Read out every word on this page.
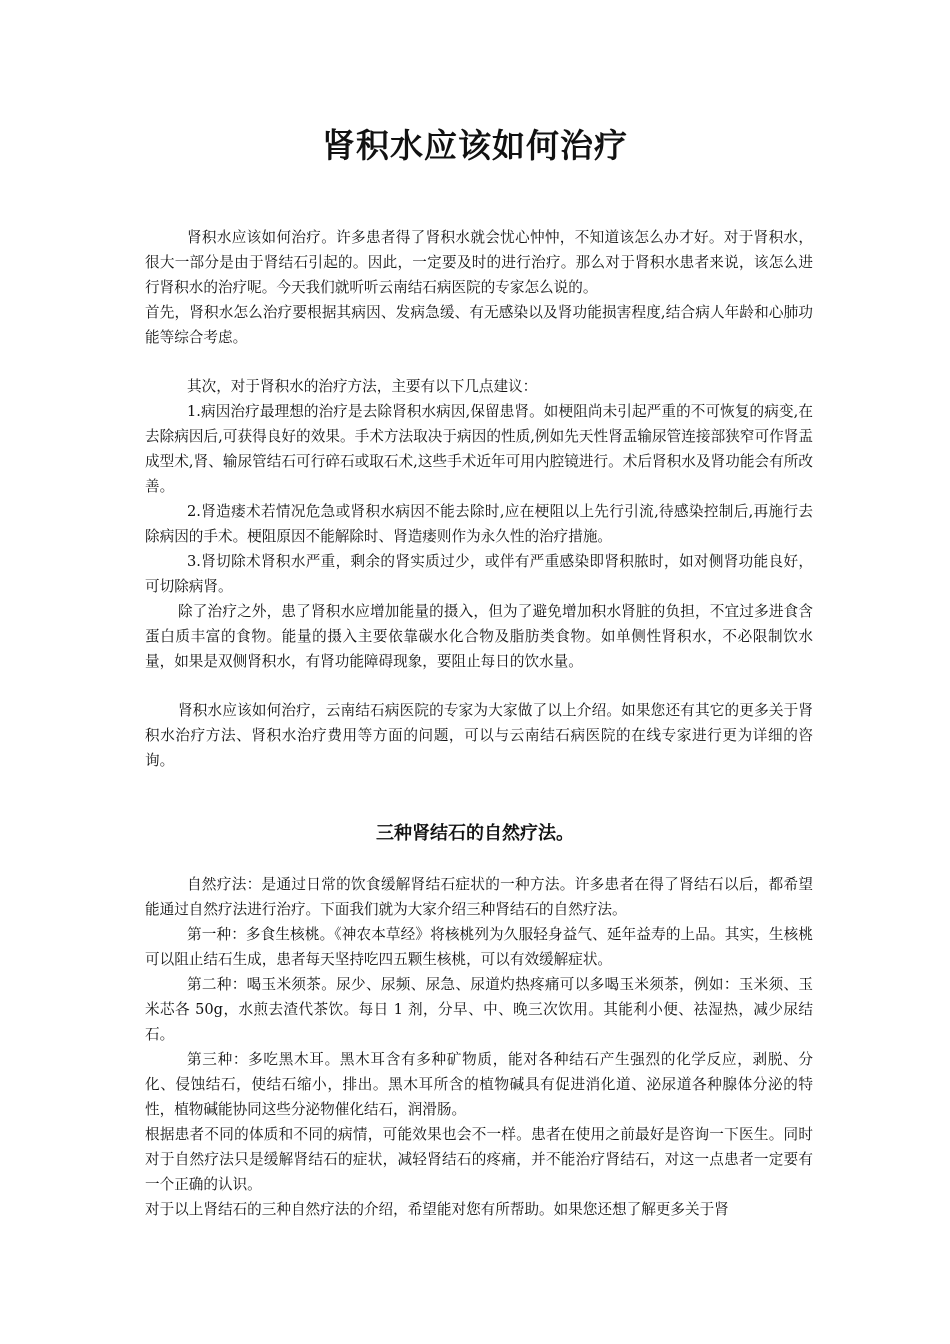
肾积水应该如何治疗

肾积水应该如何治疗。许多患者得了肾积水就会忧心忡忡，不知道该怎么办才好。对于肾积水，很大一部分是由于肾结石引起的。因此，一定要及时的进行治疗。那么对于肾积水患者来说，该怎么进行肾积水的治疗呢。今天我们就听听云南结石病医院的专家怎么说的。

首先，肾积水怎么治疗要根据其病因、发病急缓、有无感染以及肾功能损害程度,结合病人年龄和心肺功能等综合考虑。

其次，对于肾积水的治疗方法，主要有以下几点建议：

1.病因治疗最理想的治疗是去除肾积水病因,保留患肾。如梗阻尚未引起严重的不可恢复的病变,在去除病因后,可获得良好的效果。手术方法取决于病因的性质,例如先天性肾盂输尿管连接部狭窄可作肾盂成型术,肾、输尿管结石可行碎石或取石术,这些手术近年可用内腔镜进行。术后肾积水及肾功能会有所改善。

2.肾造瘘术若情况危急或肾积水病因不能去除时,应在梗阻以上先行引流,待感染控制后,再施行去除病因的手术。梗阻原因不能解除时、肾造瘘则作为永久性的治疗措施。

3.肾切除术肾积水严重，剩余的肾实质过少，或伴有严重感染即肾积脓时，如对侧肾功能良好，可切除病肾。

除了治疗之外，患了肾积水应增加能量的摄入，但为了避免增加积水肾脏的负担，不宜过多进食含蛋白质丰富的食物。能量的摄入主要依靠碳水化合物及脂肪类食物。如单侧性肾积水，不必限制饮水量，如果是双侧肾积水，有肾功能障碍现象，要阻止每日的饮水量。

肾积水应该如何治疗，云南结石病医院的专家为大家做了以上介绍。如果您还有其它的更多关于肾积水治疗方法、肾积水治疗费用等方面的问题，可以与云南结石病医院的在线专家进行更为详细的咨询。

三种肾结石的自然疗法。

自然疗法：是通过日常的饮食缓解肾结石症状的一种方法。许多患者在得了肾结石以后，都希望能通过自然疗法进行治疗。下面我们就为大家介绍三种肾结石的自然疗法。

第一种：多食生核桃。《神农本草经》将核桃列为久服轻身益气、延年益寿的上品。其实，生核桃可以阻止结石生成，患者每天坚持吃四五颗生核桃，可以有效缓解症状。

第二种：喝玉米须茶。尿少、尿频、尿急、尿道灼热疼痛可以多喝玉米须茶，例如：玉米须、玉米芯各 50g，水煎去渣代茶饮。每日 1 剂，分早、中、晚三次饮用。其能利小便、祛湿热，减少尿结石。

第三种：多吃黑木耳。黑木耳含有多种矿物质，能对各种结石产生强烈的化学反应，剥脱、分化、侵蚀结石，使结石缩小，排出。黑木耳所含的植物碱具有促进消化道、泌尿道各种腺体分泌的特性，植物碱能协同这些分泌物催化结石，润滑肠。

根据患者不同的体质和不同的病情，可能效果也会不一样。患者在使用之前最好是咨询一下医生。同时对于自然疗法只是缓解肾结石的症状，减轻肾结石的疼痛，并不能治疗肾结石，对这一点患者一定要有一个正确的认识。

对于以上肾结石的三种自然疗法的介绍，希望能对您有所帮助。如果您还想了解更多关于肾
